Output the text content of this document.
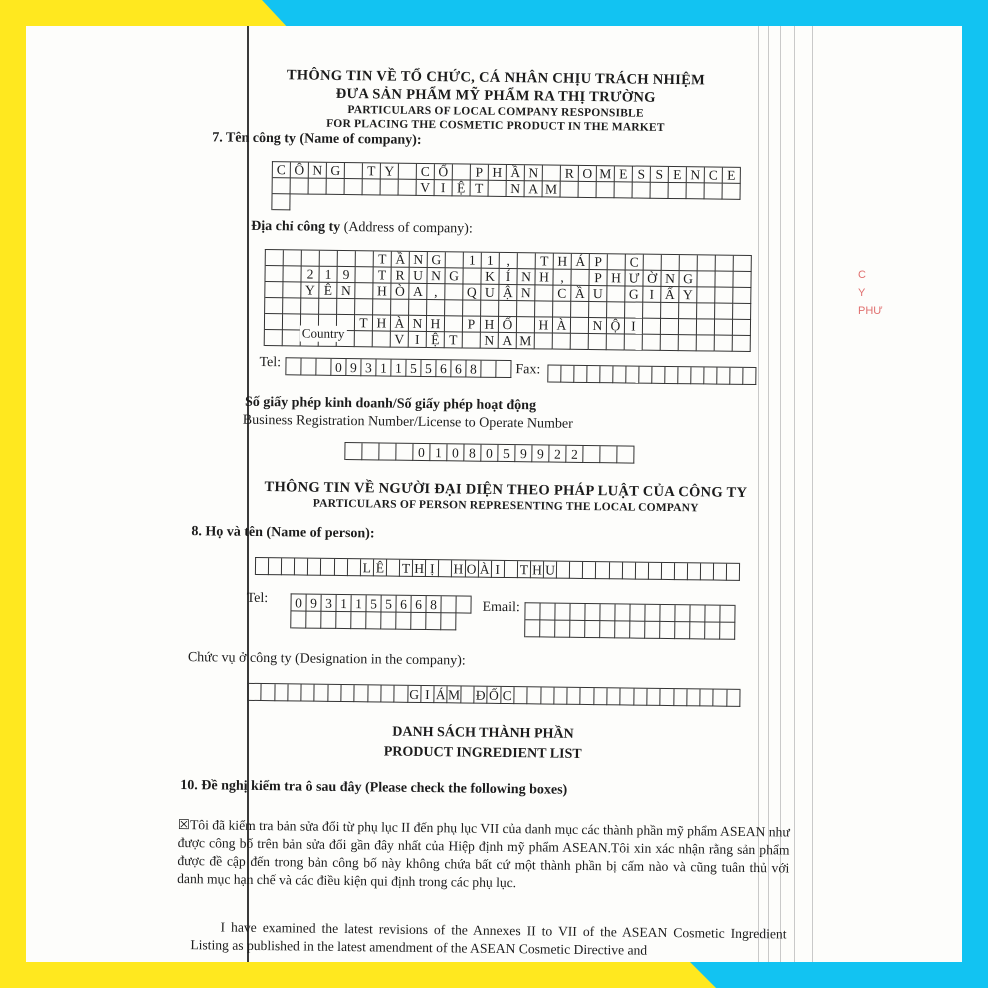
C
Y
PHƯ
THÔNG TIN VỀ TỔ CHỨC, CÁ NHÂN CHỊU TRÁCH NHIỆM
ĐƯA SẢN PHẨM MỸ PHẨM RA THỊ TRƯỜNG
PARTICULARS OF LOCAL COMPANY RESPONSIBLE
FOR PLACING THE COSMETIC PRODUCT IN THE MARKET
7. Tên công ty (Name of company):
C Ô N G	T Y	C Ổ	P H Ầ N	R O M E S S E N C E
V I Ệ T	N A M
Địa chỉ công ty (Address of company):
T Ầ N G	1 1 ,	T H Á P	C
2 1 9	T R U N G	K Í N H ,	P H Ư Ờ N G
Y Ê N	H Ò A ,	Q U Ậ N	C Ầ U	G I Ấ Y
T H À N H	P H Ố	H À	N Ộ I
V I Ệ T	N A M
Country
Tel:	0 9 3 1 1 5 5 6 6 8	Fax:
Số giấy phép kinh doanh/Số giấy phép hoạt động
Business Registration Number/License to Operate Number
0 1 0 8 0 5 9 9 2 2
THÔNG TIN VỀ NGƯỜI ĐẠI DIỆN THEO PHÁP LUẬT CỦA CÔNG TY
PARTICULARS OF PERSON REPRESENTING THE LOCAL COMPANY
8. Họ và tên (Name of person):
L Ê T H Ị	H O À I	T H U
Tel: 0 9 3 1 1 5 5 6 6 8	Email:
Chức vụ ở công ty (Designation in the company):
G I Á M Đ Ố C
DANH SÁCH THÀNH PHẦN
PRODUCT INGREDIENT LIST
10. Đề nghị kiểm tra ô sau đây (Please check the following boxes)
☒Tôi đã kiểm tra bản sửa đổi từ phụ lục II đến phụ lục VII của danh mục các thành phần mỹ phẩm ASEAN như được công bố trên bản sửa đổi gần đây nhất của Hiệp định mỹ phẩm ASEAN.Tôi xin xác nhận rằng sản phẩm được đề cập đến trong bản công bố này không chứa bất cứ một thành phần bị cấm nào và cũng tuân thủ với danh mục hạn chế và các điều kiện qui định trong các phụ lục.
I have examined the latest revisions of the Annexes II to VII of the ASEAN Cosmetic Ingredient Listing as published in the latest amendment of the ASEAN Cosmetic Directive and
